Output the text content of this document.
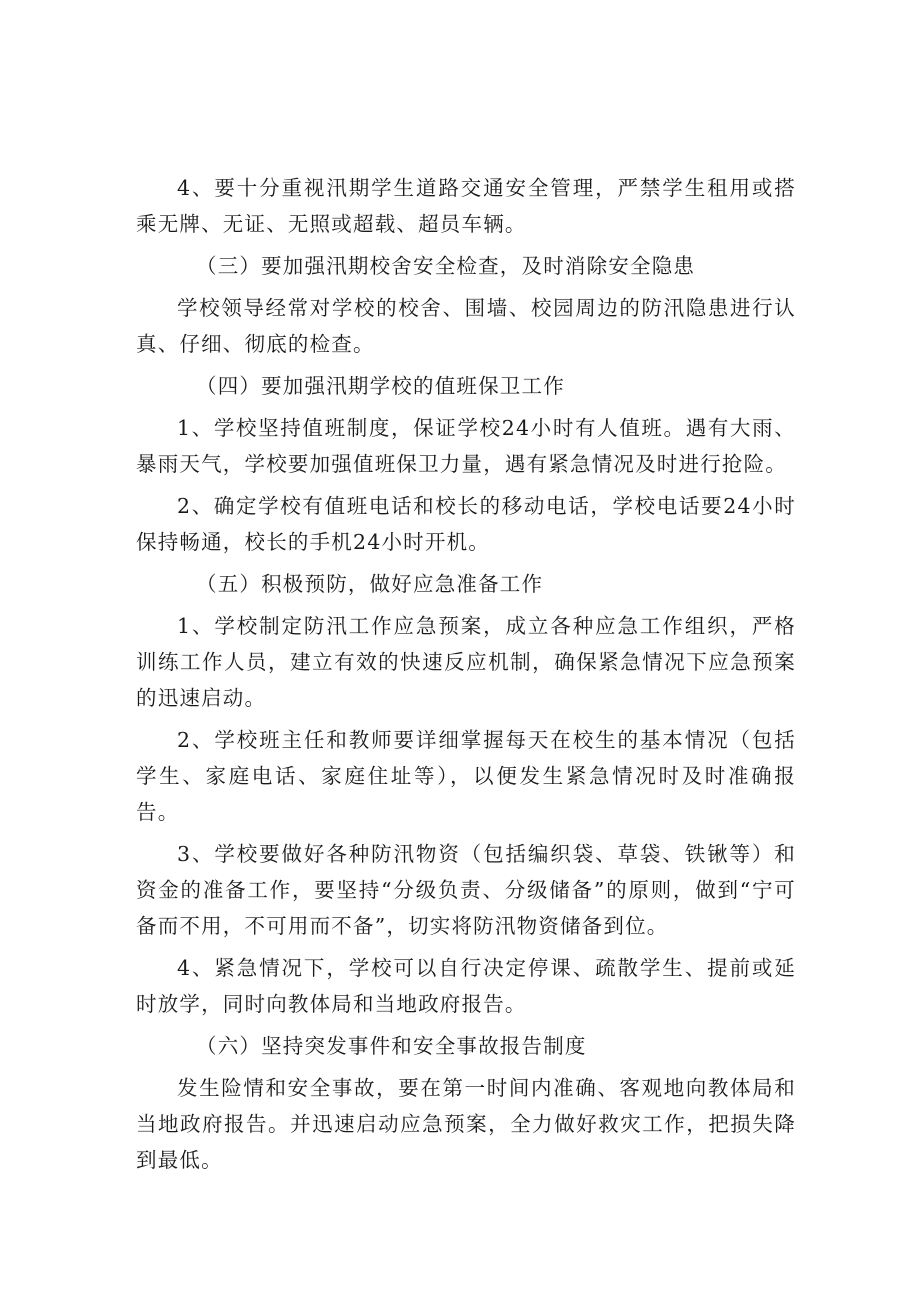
4、要十分重视汛期学生道路交通安全管理，严禁学生租用或搭乘无牌、无证、无照或超载、超员车辆。

（三）要加强汛期校舍安全检查，及时消除安全隐患

学校领导经常对学校的校舍、围墙、校园周边的防汛隐患进行认真、仔细、彻底的检查。

（四）要加强汛期学校的值班保卫工作

1、学校坚持值班制度，保证学校24小时有人值班。遇有大雨、暴雨天气，学校要加强值班保卫力量，遇有紧急情况及时进行抢险。

2、确定学校有值班电话和校长的移动电话，学校电话要24小时保持畅通，校长的手机24小时开机。

（五）积极预防，做好应急准备工作

1、学校制定防汛工作应急预案，成立各种应急工作组织，严格训练工作人员，建立有效的快速反应机制，确保紧急情况下应急预案的迅速启动。

2、学校班主任和教师要详细掌握每天在校生的基本情况（包括学生、家庭电话、家庭住址等），以便发生紧急情况时及时准确报告。

3、学校要做好各种防汛物资（包括编织袋、草袋、铁锹等）和资金的准备工作，要坚持“分级负责、分级储备”的原则，做到“宁可备而不用，不可用而不备”，切实将防汛物资储备到位。

4、紧急情况下，学校可以自行决定停课、疏散学生、提前或延时放学，同时向教体局和当地政府报告。

（六）坚持突发事件和安全事故报告制度

发生险情和安全事故，要在第一时间内准确、客观地向教体局和当地政府报告。并迅速启动应急预案，全力做好救灾工作，把损失降到最低。
